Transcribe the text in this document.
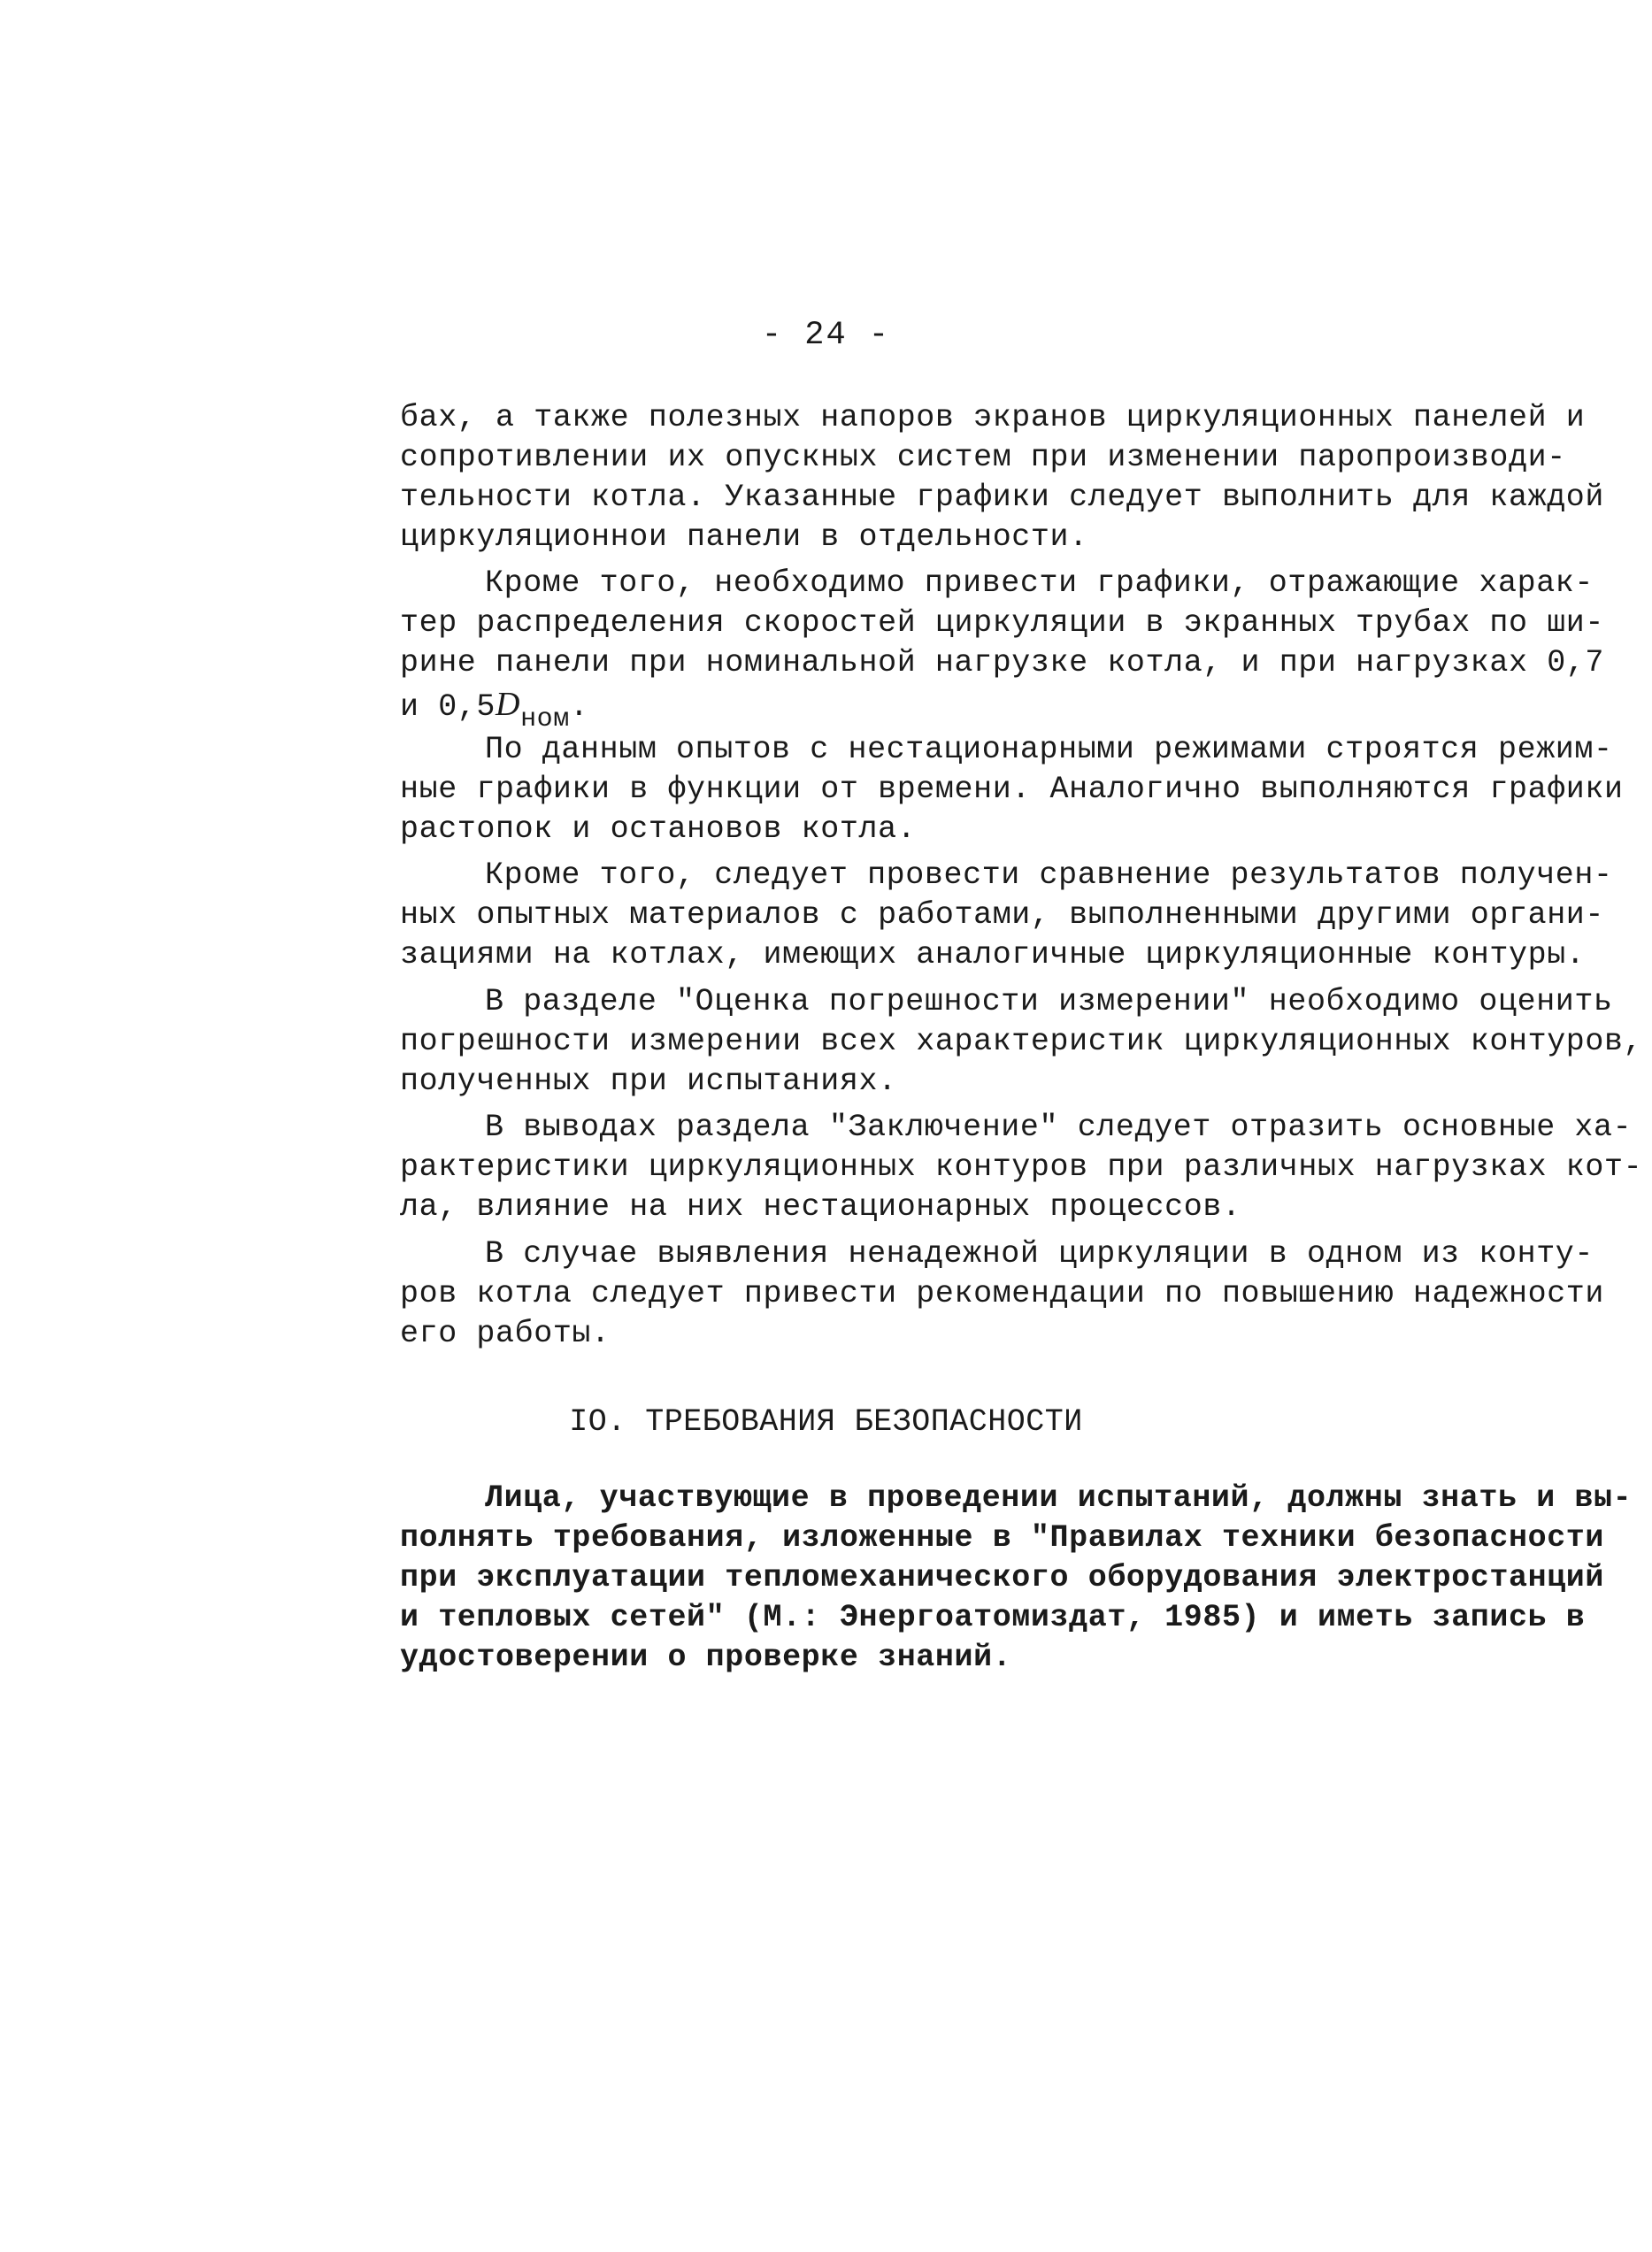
- 24 -
бах, а также полезных напоров экранов циркуляционных панелей и
сопротивлении их опускных систем при изменении паропроизводи-
тельности котла. Указанные графики следует выполнить для каждой
циркуляционнои панели в отдельности.
Кроме того, необходимо привести графики, отражающие харак-
тер распределения скоростей циркуляции в экранных трубах по ши-
рине панели при номинальной нагрузке котла, и при нагрузках 0,7
и $0,5D_{ном}$.
По данным опытов с нестационарными режимами строятся режим-
ные графики в функции от времени. Аналогично выполняются графики
растопок и остановов котла.
Кроме того, следует провести сравнение результатов получен-
ных опытных материалов с работами, выполненными другими органи-
зациями на котлах, имеющих аналогичные циркуляционные контуры.
В разделе "Оценка погрешности измерении" необходимо оценить
погрешности измерении всех характеристик циркуляционных контуров,
полученных при испытаниях.
В выводах раздела "Заключение" следует отразить основные ха-
рактеристики циркуляционных контуров при различных нагрузках кот-
ла, влияние на них нестационарных процессов.
В случае выявления ненадежной циркуляции в одном из конту-
ров котла следует привести рекомендации по повышению надежности
его работы.
IO. ТРЕБОВАНИЯ БЕЗОПАСНОСТИ
Лица, участвующие в проведении испытаний, должны знать и вы-
полнять требования, изложенные в "Правилах техники безопасности
при эксплуатации тепломеханического оборудования электростанций
и тепловых сетей" (М.: Энергоатомиздат, 1985) и иметь запись в
удостоверении о проверке знаний.
